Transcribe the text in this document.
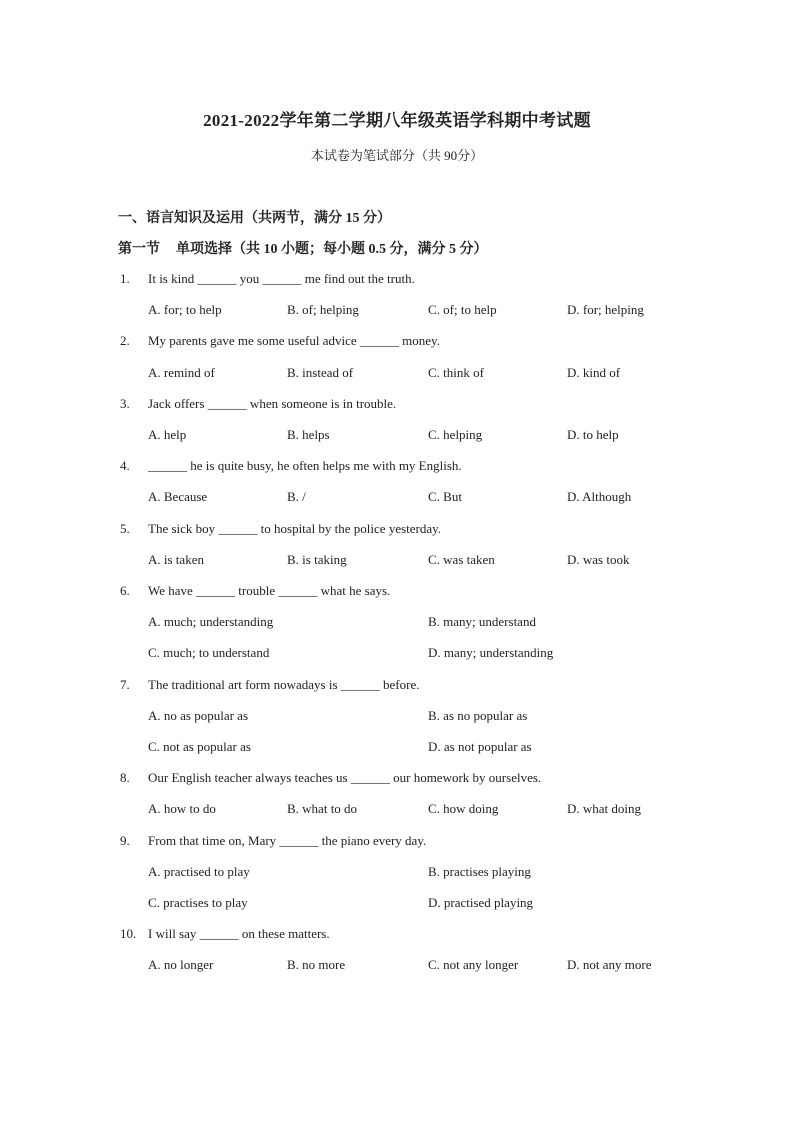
2021-2022学年第二学期八年级英语学科期中考试题
本试卷为笔试部分（共 90分）
一、语言知识及运用（共两节，满分 15 分）
第一节 单项选择（共 10 小题；每小题 0.5 分，满分 5 分）
1. It is kind ______ you ______ me find out the truth.
A. for; to help	B. of; helping	C. of; to help	D. for; helping
2. My parents gave me some useful advice ______ money.
A. remind of	B. instead of	C. think of	D. kind of
3. Jack offers ______ when someone is in trouble.
A. help	B. helps	C. helping	D. to help
4. ______ he is quite busy, he often helps me with my English.
A. Because	B. /	C. But	D. Although
5. The sick boy ______ to hospital by the police yesterday.
A. is taken	B. is taking	C. was taken	D. was took
6. We have ______ trouble ______ what he says.
A. much; understanding	B. many; understand
C. much; to understand	D. many; understanding
7. The traditional art form nowadays is ______ before.
A. no as popular as	B. as no popular as
C. not as popular as	D. as not popular as
8. Our English teacher always teaches us ______ our homework by ourselves.
A. how to do	B. what to do	C. how doing	D. what doing
9. From that time on, Mary ______ the piano every day.
A. practised to play	B. practises playing
C. practises to play	D. practised playing
10. I will say ______ on these matters.
A. no longer	B. no more	C. not any longer	D. not any more
